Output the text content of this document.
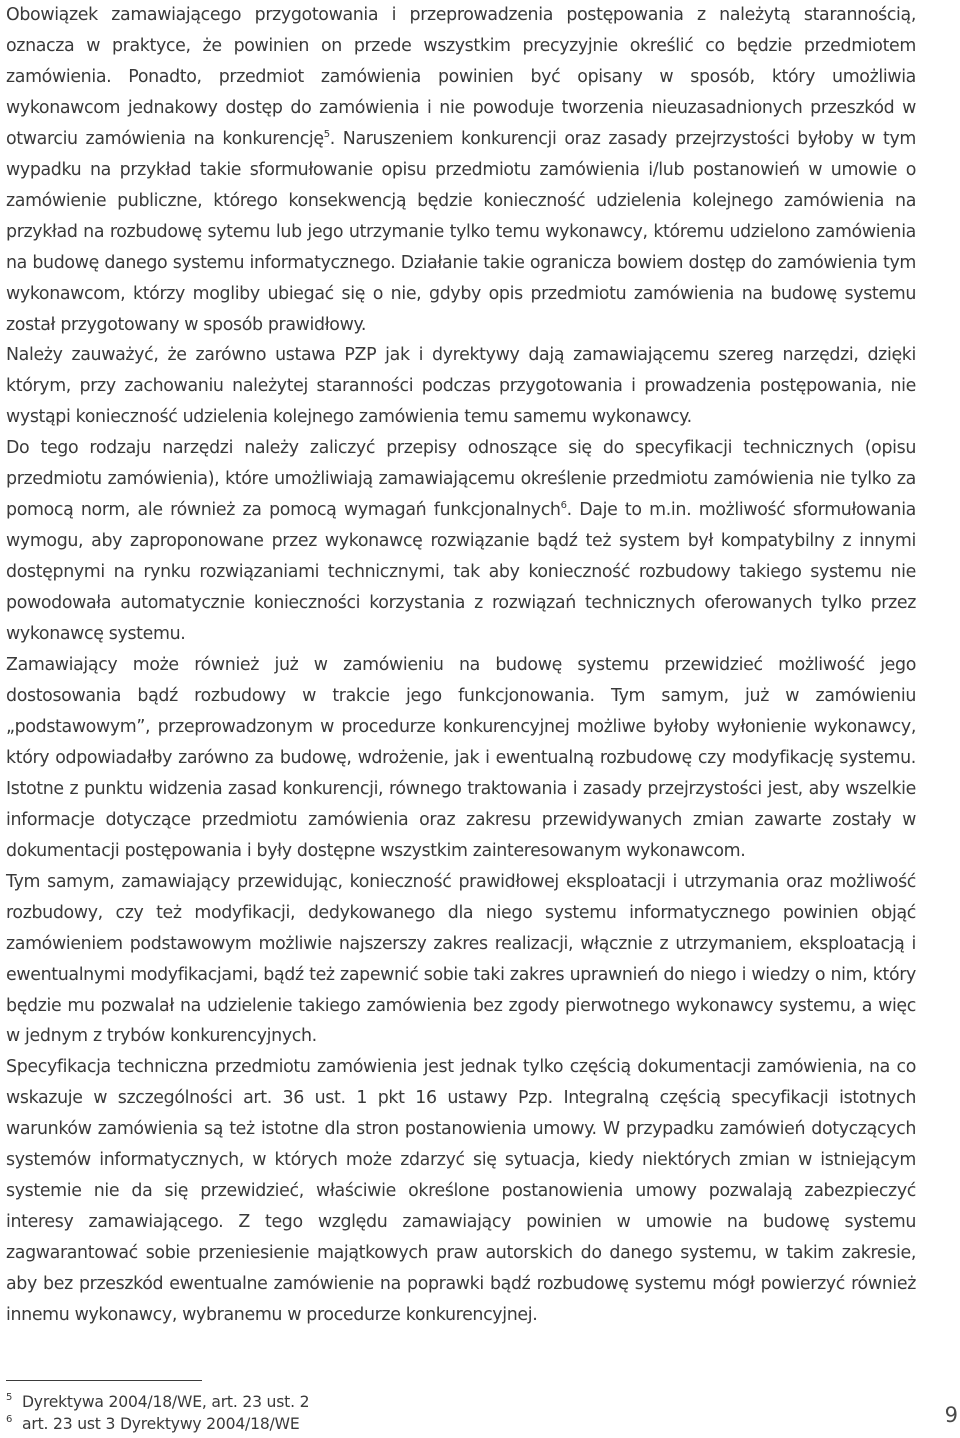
Obowiązek zamawiającego przygotowania i przeprowadzenia postępowania z należytą starannością, oznacza w praktyce, że powinien on przede wszystkim precyzyjnie określić co będzie przedmiotem zamówienia. Ponadto, przedmiot zamówienia powinien być opisany w sposób, który umożliwia wykonawcom jednakowy dostęp do zamówienia i nie powoduje tworzenia nieuzasadnionych przeszkód w otwarciu zamówienia na konkurencję$^5$. Naruszeniem konkurencji oraz zasady przejrzystości byłoby w tym wypadku na przykład takie sformułowanie opisu przedmiotu zamówienia i/lub postanowień w umowie o zamówienie publiczne, którego konsekwencją będzie konieczność udzielenia kolejnego zamówienia na przykład na rozbudowę sytemu lub jego utrzymanie tylko temu wykonawcy, któremu udzielono zamówienia na budowę danego systemu informatycznego. Działanie takie ogranicza bowiem dostęp do zamówienia tym wykonawcom, którzy mogliby ubiegać się o nie, gdyby opis przedmiotu zamówienia na budowę systemu został przygotowany w sposób prawidłowy.

Należy zauważyć, że zarówno ustawa PZP jak i dyrektywy dają zamawiającemu szereg narzędzi, dzięki którym, przy zachowaniu należytej staranności podczas przygotowania i prowadzenia postępowania, nie wystąpi konieczność udzielenia kolejnego zamówienia temu samemu wykonawcy.

Do tego rodzaju narzędzi należy zaliczyć przepisy odnoszące się do specyfikacji technicznych (opisu przedmiotu zamówienia), które umożliwiają zamawiającemu określenie przedmiotu zamówienia nie tylko za pomocą norm, ale również za pomocą wymagań funkcjonalnych$^6$. Daje to m.in. możliwość sformułowania wymogu, aby zaproponowane przez wykonawcę rozwiązanie bądź też system był kompatybilny z innymi dostępnymi na rynku rozwiązaniami technicznymi, tak aby konieczność rozbudowy takiego systemu nie powodowała automatycznie konieczności korzystania z rozwiązań technicznych oferowanych tylko przez wykonawcę systemu.

Zamawiający może również już w zamówieniu na budowę systemu przewidzieć możliwość jego dostosowania bądź rozbudowy w trakcie jego funkcjonowania. Tym samym, już w zamówieniu „podstawowym”, przeprowadzonym w procedurze konkurencyjnej możliwe byłoby wyłonienie wykonawcy, który odpowiadałby zarówno za budowę, wdrożenie, jak i ewentualną rozbudowę czy modyfikację systemu. Istotne z punktu widzenia zasad konkurencji, równego traktowania i zasady przejrzystości jest, aby wszelkie informacje dotyczące przedmiotu zamówienia oraz zakresu przewidywanych zmian zawarte zostały w dokumentacji postępowania i były dostępne wszystkim zainteresowanym wykonawcom.

Tym samym, zamawiający przewidując, konieczność prawidłowej eksploatacji i utrzymania oraz możliwość rozbudowy, czy też modyfikacji, dedykowanego dla niego systemu informatycznego powinien objąć zamówieniem podstawowym możliwie najszerszy zakres realizacji, włącznie z utrzymaniem, eksploatacją i ewentualnymi modyfikacjami, bądź też zapewnić sobie taki zakres uprawnień do niego i wiedzy o nim, który będzie mu pozwalał na udzielenie takiego zamówienia bez zgody pierwotnego wykonawcy systemu, a więc w jednym z trybów konkurencyjnych.

Specyfikacja techniczna przedmiotu zamówienia jest jednak tylko częścią dokumentacji zamówienia, na co wskazuje w szczególności art. 36 ust. 1 pkt 16 ustawy Pzp. Integralną częścią specyfikacji istotnych warunków zamówienia są też istotne dla stron postanowienia umowy. W przypadku zamówień dotyczących systemów informatycznych, w których może zdarzyć się sytuacja, kiedy niektórych zmian w istniejącym systemie nie da się przewidzieć, właściwie określone postanowienia umowy pozwalają zabezpieczyć interesy zamawiającego. Z tego względu zamawiający powinien w umowie na budowę systemu zagwarantować sobie przeniesienie majątkowych praw autorskich do danego systemu, w takim zakresie, aby bez przeszkód ewentualne zamówienie na poprawki bądź rozbudowę systemu mógł powierzyć również innemu wykonawcy, wybranemu w procedurze konkurencyjnej.

5 Dyrektywa 2004/18/WE, art. 23 ust. 2
6 art. 23 ust 3 Dyrektywy 2004/18/WE	9
